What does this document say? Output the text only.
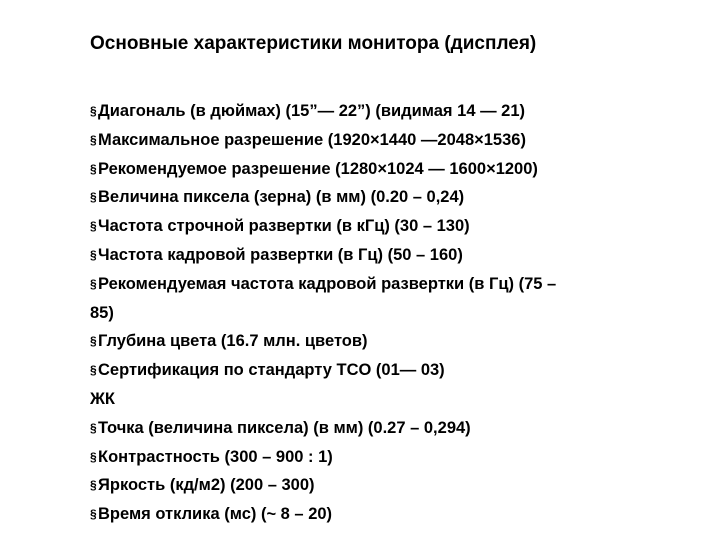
Основные характеристики монитора (дисплея)
§Диагональ (в дюймах) (15”— 22”) (видимая 14 — 21)
§Максимальное разрешение (1920×1440 —2048×1536)
§Рекомендуемое разрешение (1280×1024 — 1600×1200)
§Величина пиксела (зерна) (в мм) (0.20 – 0,24)
§Частота строчной развертки (в кГц) (30 – 130)
§Частота кадровой развертки (в Гц) (50 – 160)
§Рекомендуемая частота кадровой развертки (в Гц) (75 –
85)
§Глубина цвета (16.7 млн. цветов)
§Сертификация по стандарту TCO (01— 03)
ЖК
§Точка (величина пиксела) (в мм) (0.27 – 0,294)
§Контрастность (300 – 900 : 1)
§Яркость (кд/м2) (200 – 300)
§Время отклика (мс) (~ 8 – 20)
